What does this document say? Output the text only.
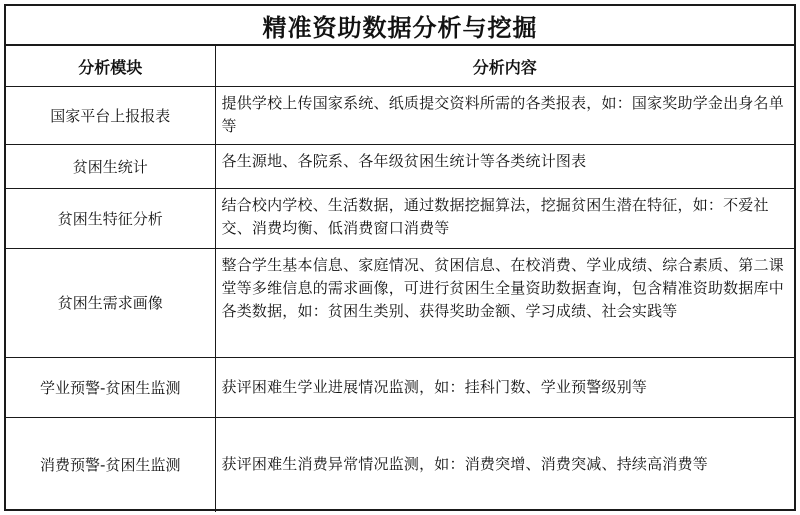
精准资助数据分析与挖掘
分析模块	分析内容
国家平台上报报表	提供学校上传国家系统、纸质提交资料所需的各类报表，如：国家奖助学金出身名单等
贫困生统计	各生源地、各院系、各年级贫困生统计等各类统计图表
贫困生特征分析	结合校内学校、生活数据，通过数据挖掘算法，挖掘贫困生潜在特征，如：不爱社交、消费均衡、低消费窗口消费等
贫困生需求画像	整合学生基本信息、家庭情况、贫困信息、在校消费、学业成绩、综合素质、第二课堂等多维信息的需求画像，可进行贫困生全量资助数据查询，包含精准资助数据库中各类数据，如：贫困生类别、获得奖助金额、学习成绩、社会实践等
学业预警-贫困生监测	获评困难生学业进展情况监测，如：挂科门数、学业预警级别等
消费预警-贫困生监测	获评困难生消费异常情况监测，如：消费突增、消费突减、持续高消费等
